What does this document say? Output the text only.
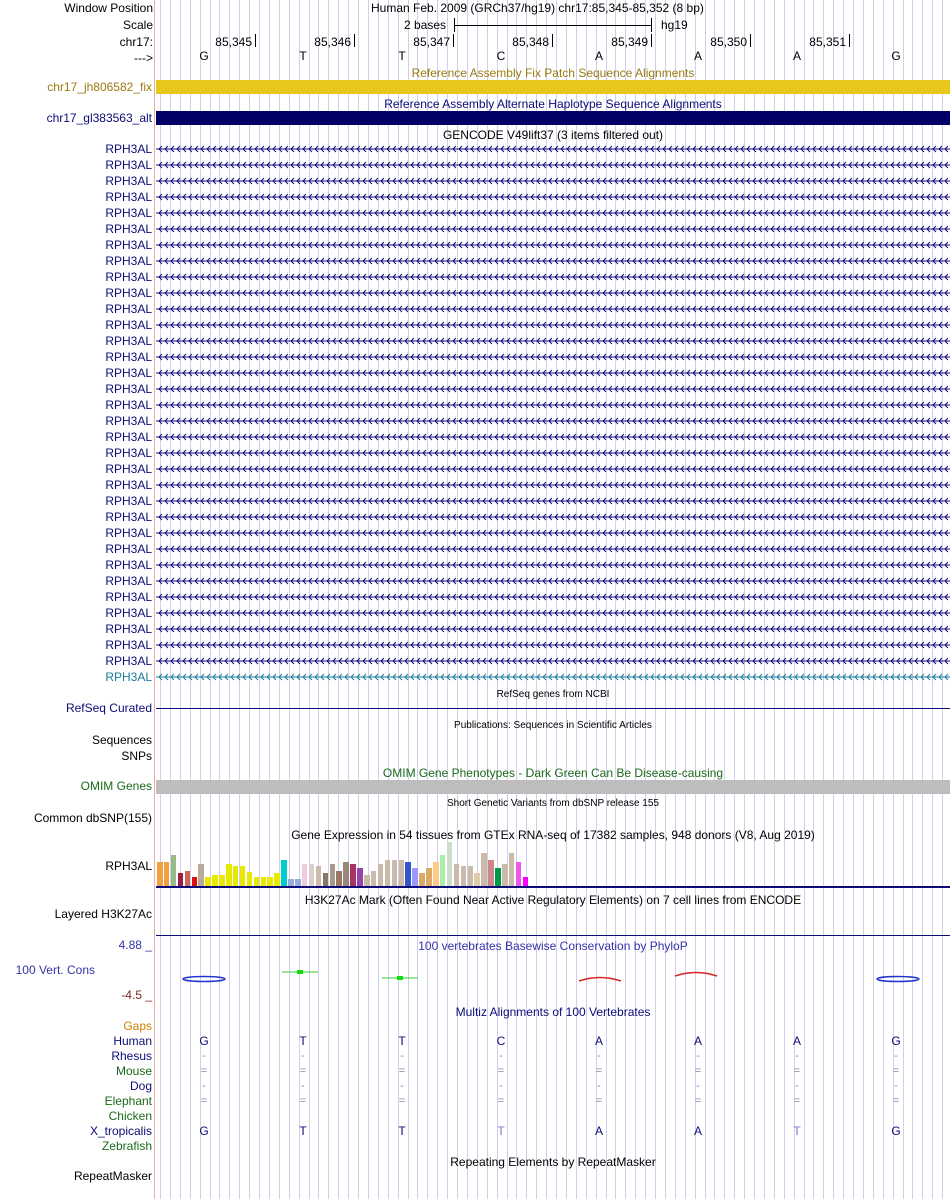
Window Position	Human Feb. 2009 (GRCh37/hg19) chr17:85,345-85,352 (8 bp)
Scale	2 bases	hg19
chr17:	85,345	85,346	85,347	85,348	85,349	85,350	85,351
--->	G	T	T	C	A	A	A	G
Reference Assembly Fix Patch Sequence Alignments
chr17_jh806582_fix
Reference Assembly Alternate Haplotype Sequence Alignments
chr17_gl383563_alt
GENCODE V49lift37 (3 items filtered out)
RPH3AL
RPH3AL
RPH3AL
RPH3AL
RPH3AL
RPH3AL
RPH3AL
RPH3AL
RPH3AL
RPH3AL
RPH3AL
RPH3AL
RPH3AL
RPH3AL
RPH3AL
RPH3AL
RPH3AL
RPH3AL
RPH3AL
RPH3AL
RPH3AL
RPH3AL
RPH3AL
RPH3AL
RPH3AL
RPH3AL
RPH3AL
RPH3AL
RPH3AL
RPH3AL
RPH3AL
RPH3AL
RPH3AL
RPH3AL
RefSeq genes from NCBI
RefSeq Curated
Publications: Sequences in Scientific Articles
Sequences
SNPs
OMIM Gene Phenotypes - Dark Green Can Be Disease-causing
OMIM Genes
Short Genetic Variants from dbSNP release 155
Common dbSNP(155)
Gene Expression in 54 tissues from GTEx RNA-seq of 17382 samples, 948 donors (V8, Aug 2019)
RPH3AL
H3K27Ac Mark (Often Found Near Active Regulatory Elements) on 7 cell lines from ENCODE
Layered H3K27Ac
4.88 _	100 vertebrates Basewise Conservation by PhyloP
100 Vert. Cons
-4.5 _
Multiz Alignments of 100 Vertebrates
Gaps
Human	G	T	T	C	A	A	A	G
Rhesus	-	-	-	-	-	-	-	-
Mouse	=	=	=	=	=	=	=	=
Dog	-	-	-	-	-	-	-	-
Elephant	=	=	=	=	=	=	=	=
Chicken
X_tropicalis	G	T	T	T	A	A	T	G
Zebrafish
Repeating Elements by RepeatMasker
RepeatMasker
